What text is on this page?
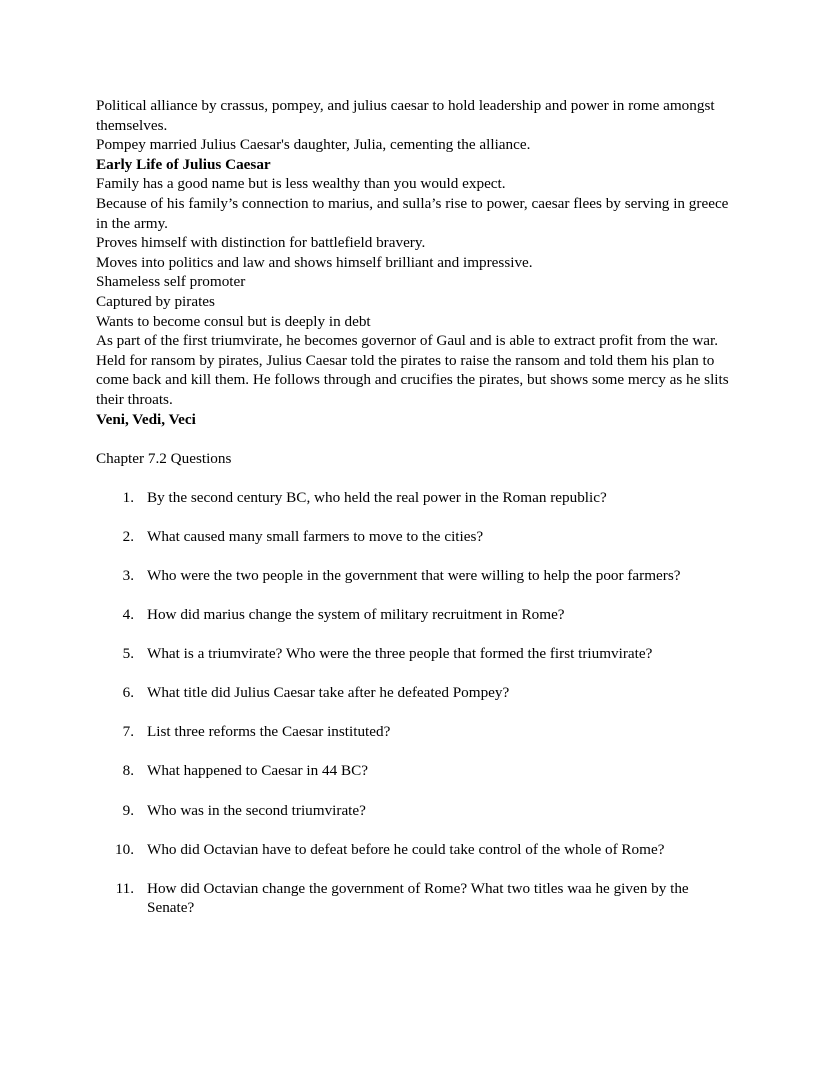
Political alliance by crassus, pompey, and julius caesar to hold leadership and power in rome amongst themselves.

Pompey married Julius Caesar's daughter, Julia, cementing the alliance.

Early Life of Julius Caesar

Family has a good name but is less wealthy than you would expect.

Because of his family’s connection to marius, and sulla’s rise to power, caesar flees by serving in greece in the army.

Proves himself with distinction for battlefield bravery.

Moves into politics and law and shows himself brilliant and impressive.

Shameless self promoter

Captured by pirates

Wants to become consul but is deeply in debt

As part of the first triumvirate, he becomes governor of Gaul and is able to extract profit from the war.

Held for ransom by pirates, Julius Caesar told the pirates to raise the ransom and told them his plan to come back and kill them. He follows through and crucifies the pirates, but shows some mercy as he slits their throats.

Veni, Vedi, Veci

Chapter 7.2 Questions

By the second century BC, who held the real power in the Roman republic?
What caused many small farmers to move to the cities?
Who were the two people in the government that were willing to help the poor farmers?
How did marius change the system of military recruitment in Rome?
What is a triumvirate? Who were the three people that formed the first triumvirate?
What title did Julius Caesar take after he defeated Pompey?
List three reforms the Caesar instituted?
What happened to Caesar in 44 BC?
Who was in the second triumvirate?
Who did Octavian have to defeat before he could take control of the whole of Rome?
How did Octavian change the government of Rome? What two titles waa he given by the Senate?
